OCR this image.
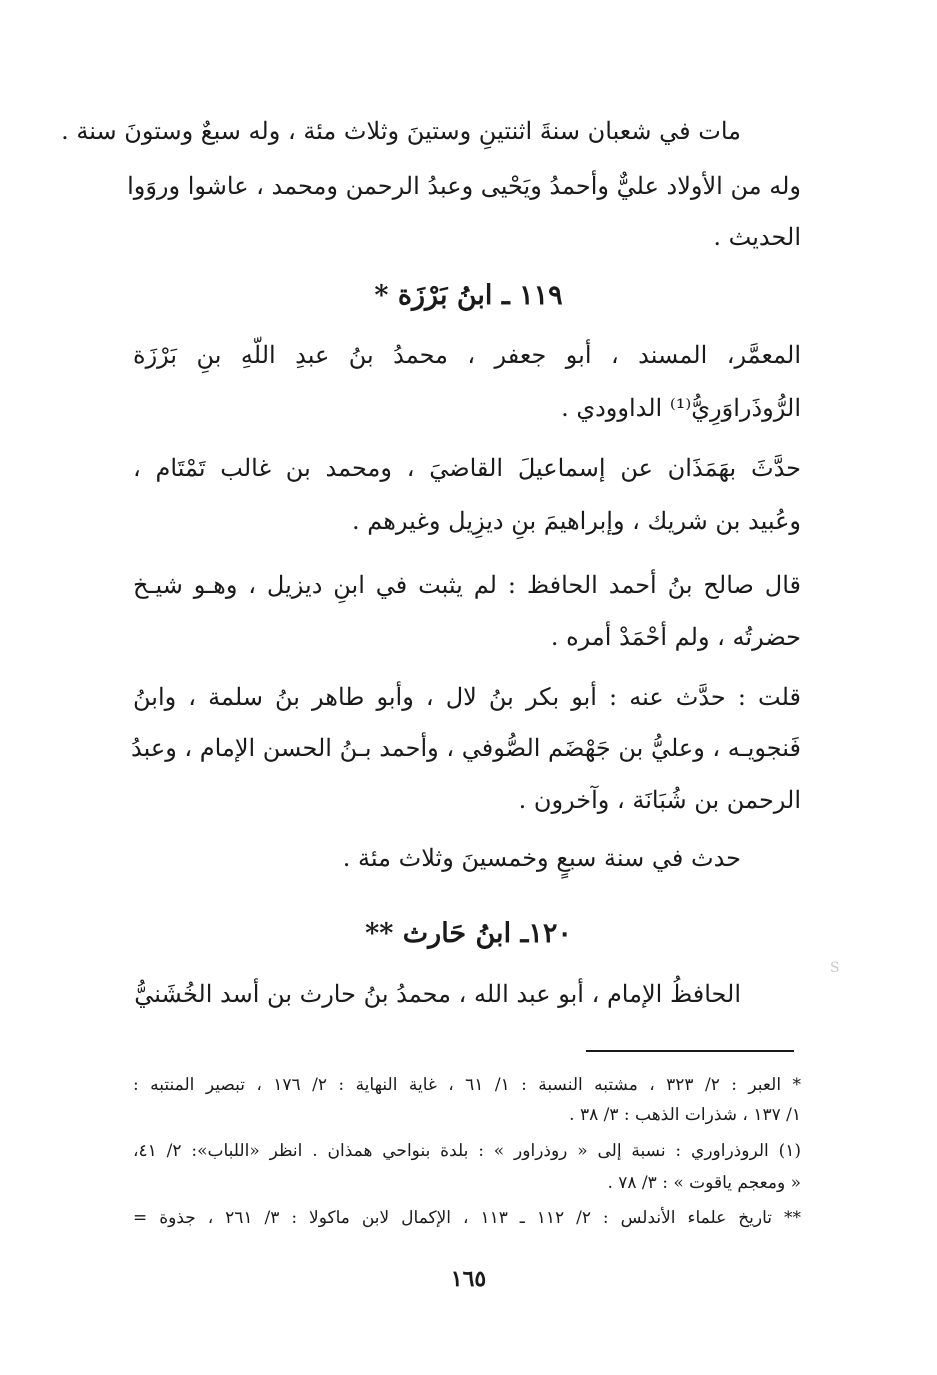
مات في شعبان سنةَ اثنتينِ وستينَ وثلاث مئة ، وله سبعٌ وستونَ سنة .
وله من الأولاد عليٌّ وأحمدُ ويَحْيى وعبدُ الرحمن ومحمد ، عاشوا وروَوا
الحديث .
١١٩ ـ ابنُ بَرْزَة *
المعمَّر، المسند ، أبو جعفر ، محمدُ بنُ عبدِ اللّهِ بنِ بَرْزَة
الرُّوذَراوَرِيُّ⁽¹⁾ الداوودي .
حدَّثَ بهَمَذَان عن إسماعيلَ القاضيَ ، ومحمد بن غالب تَمْتَام ،
وعُبيد بن شريك ، وإبراهيمَ بنِ ديزِيل وغيرهم .
قال صالح بنُ أحمد الحافظ : لم يثبت في ابنِ ديزيل ، وهـو شيـخ
حضرتُه ، ولم أحْمَدْ أمره .
قلت : حدَّث عنه : أبو بكر بنُ لال ، وأبو طاهر بنُ سلمة ، وابنُ
فَنجويـه ، وعليُّ بن جَهْضَم الصُّوفي ، وأحمد بـنُ الحسن الإمام ، وعبدُ
الرحمن بن شُبَانَة ، وآخرون .
حدث في سنة سبعٍ وخمسينَ وثلاث مئة .
١٢٠ـ ابنُ حَارث **
الحافظُ الإمام ، أبو عبد الله ، محمدُ بنُ حارث بن أسد الخُشَنيُّ
S
* العبر : ٢/ ٣٢٣ ، مشتبه النسبة : ١/ ٦١ ، غاية النهاية : ٢/ ١٧٦ ، تبصير المنتبه :
١/ ١٣٧ ، شذرات الذهب : ٣/ ٣٨ .
(١) الروذراوري : نسبة إلى « روذراور » : بلدة بنواحي همذان . انظر «اللباب»: ٢/ ٤١،
« ومعجم ياقوت » : ٣/ ٧٨ .
** تاريخ علماء الأندلس : ٢/ ١١٢ ـ ١١٣ ، الإكمال لابن ماكولا : ٣/ ٢٦١ ، جذوة =
١٦٥
